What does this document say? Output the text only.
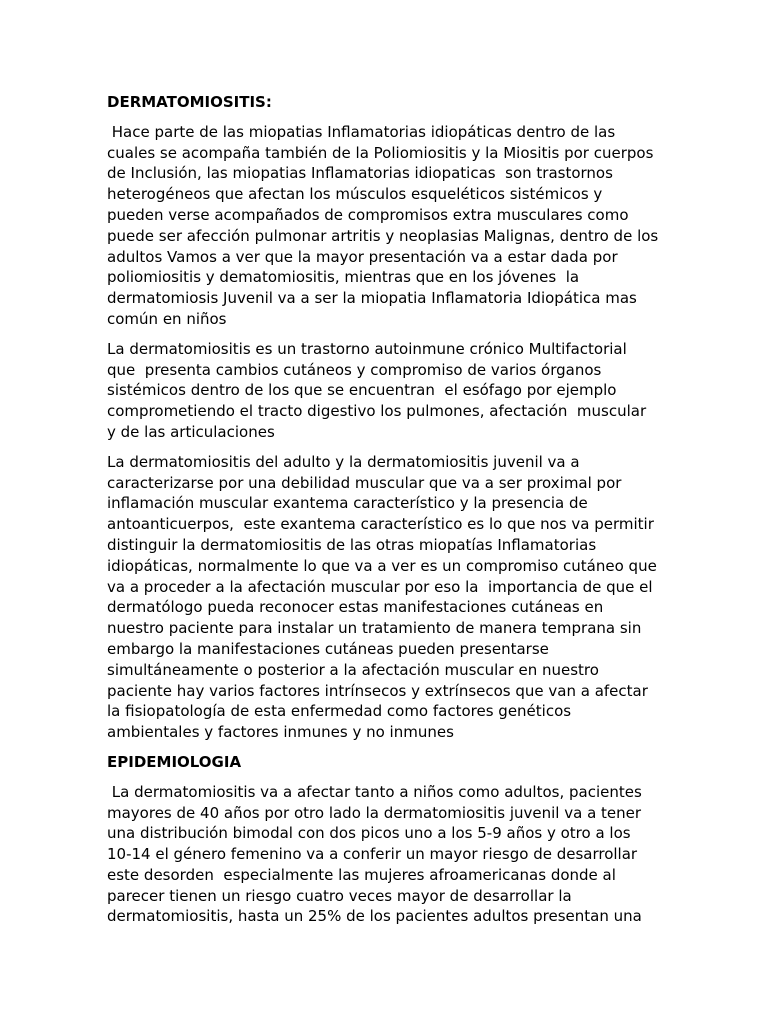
DERMATOMIOSITIS:
Hace parte de las miopatias Inflamatorias idiopáticas dentro de las
cuales se acompaña también de la Poliomiositis y la Miositis por cuerpos
de Inclusión, las miopatias Inflamatorias idiopaticas  son trastornos
heterogéneos que afectan los músculos esqueléticos sistémicos y
pueden verse acompañados de compromisos extra musculares como
puede ser afección pulmonar artritis y neoplasias Malignas, dentro de los
adultos Vamos a ver que la mayor presentación va a estar dada por
poliomiositis y dematomiositis, mientras que en los jóvenes  la
dermatomiosis Juvenil va a ser la miopatia Inflamatoria Idiopática mas
común en niños
La dermatomiositis es un trastorno autoinmune crónico Multifactorial
que  presenta cambios cutáneos y compromiso de varios órganos
sistémicos dentro de los que se encuentran  el esófago por ejemplo
comprometiendo el tracto digestivo los pulmones, afectación  muscular
y de las articulaciones
La dermatomiositis del adulto y la dermatomiositis juvenil va a
caracterizarse por una debilidad muscular que va a ser proximal por
inflamación muscular exantema característico y la presencia de
antoanticuerpos,  este exantema característico es lo que nos va permitir
distinguir la dermatomiositis de las otras miopatías Inflamatorias
idiopáticas, normalmente lo que va a ver es un compromiso cutáneo que
va a proceder a la afectación muscular por eso la  importancia de que el
dermatólogo pueda reconocer estas manifestaciones cutáneas en
nuestro paciente para instalar un tratamiento de manera temprana sin
embargo la manifestaciones cutáneas pueden presentarse
simultáneamente o posterior a la afectación muscular en nuestro
paciente hay varios factores intrínsecos y extrínsecos que van a afectar
la fisiopatología de esta enfermedad como factores genéticos
ambientales y factores inmunes y no inmunes
EPIDEMIOLOGIA
La dermatomiositis va a afectar tanto a niños como adultos, pacientes
mayores de 40 años por otro lado la dermatomiositis juvenil va a tener
una distribución bimodal con dos picos uno a los 5-9 años y otro a los
10-14 el género femenino va a conferir un mayor riesgo de desarrollar
este desorden  especialmente las mujeres afroamericanas donde al
parecer tienen un riesgo cuatro veces mayor de desarrollar la
dermatomiositis, hasta un 25% de los pacientes adultos presentan una
